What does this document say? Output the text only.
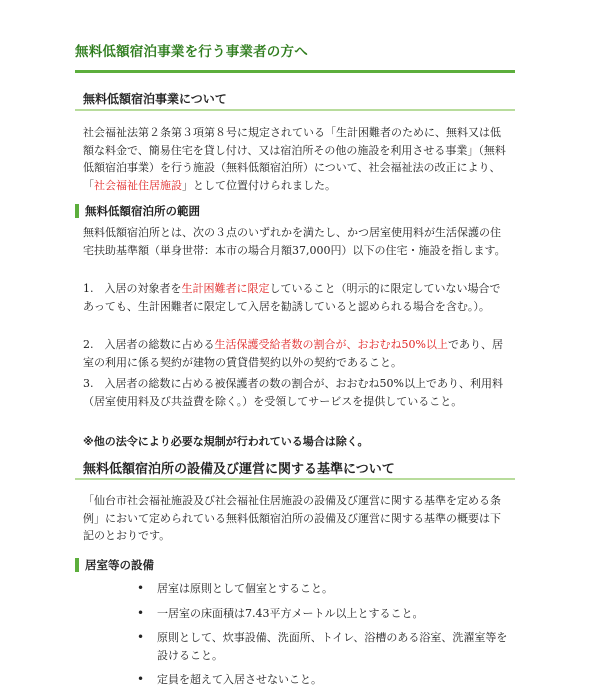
無料低額宿泊事業を行う事業者の方へ
無料低額宿泊事業について
社会福祉法第２条第３項第８号に規定されている「生計困難者のために、無料又は低額な料金で、簡易住宅を貸し付け、又は宿泊所その他の施設を利用させる事業」（無料低額宿泊事業）を行う施設（無料低額宿泊所）について、社会福祉法の改正により、「社会福祉住居施設」として位置付けられました。
無料低額宿泊所の範囲
無料低額宿泊所とは、次の３点のいずれかを満たし、かつ居室使用料が生活保護の住宅扶助基準額（単身世帯：本市の場合月額37,000円）以下の住宅・施設を指します。
1.　入居の対象者を生計困難者に限定していること（明示的に限定していない場合であっても、生計困難者に限定して入居を勧誘していると認められる場合を含む。）。
2.　入居者の総数に占める生活保護受給者数の割合が、おおむね50%以上であり、居室の利用に係る契約が建物の賃貸借契約以外の契約であること。
3.　入居者の総数に占める被保護者の数の割合が、おおむね50%以上であり、利用料（居室使用料及び共益費を除く。）を受領してサービスを提供していること。
※他の法令により必要な規制が行われている場合は除く。
無料低額宿泊所の設備及び運営に関する基準について
「仙台市社会福祉施設及び社会福祉住居施設の設備及び運営に関する基準を定める条例」において定められている無料低額宿泊所の設備及び運営に関する基準の概要は下記のとおりです。
居室等の設備
• 居室は原則として個室とすること。
• 一居室の床面積は7.43平方メートル以上とすること。
• 原則として、炊事設備、洗面所、トイレ、浴槽のある浴室、洗濯室等を設けること。
• 定員を超えて入居させないこと。
